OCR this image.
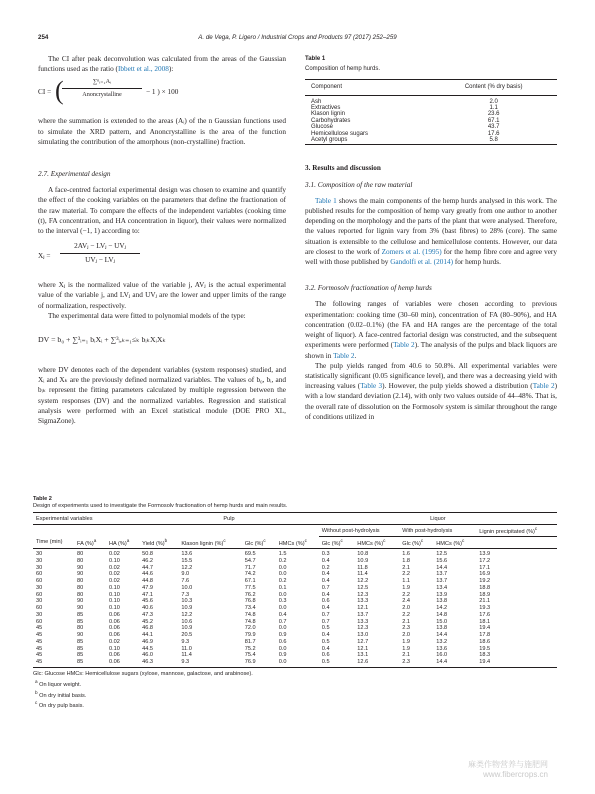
254	A. de Vega, P. Ligero / Industrial Crops and Products 97 (2017) 252–259

The CI after peak deconvolution was calculated from the areas of the Gaussian functions used as the ratio (Ibbett et al., 2008):

CI = (	∑ⁿᵢ₌₁Aᵢ
Anoncrystalline	− 1 ) × 100

where the summation is extended to the areas (Aᵢ) of the n Gaussian functions used to simulate the XRD pattern, and Anoncrystalline is the area of the function simulating the contribution of the amorphous (non-crystalline) fraction.

2.7. Experimental design

A face-centred factorial experimental design was chosen to examine and quantify the effect of the cooking variables on the parameters that define the fractionation of the raw material. To compare the effects of the independent variables (cooking time (t), FA concentration, and HA concentration in liquor), their values were normalized to the interval (−1, 1) according to:

Xⱼ =
2AVⱼ − LVⱼ − UVⱼ
UVⱼ − LVⱼ

where Xⱼ is the normalized value of the variable j, AVⱼ is the actual experimental value of the variable j, and LVⱼ and UVⱼ are the lower and upper limits of the range of normalization, respectively.

The experimental data were fitted to polynomial models of the type:

DV = b₀ + ∑³ᵢ₌₁ bᵢXᵢ + ∑³ᵢ,ₖ₌₁≤ₖ bᵢₖXᵢXₖ

where DV denotes each of the dependent variables (system responses) studied, and Xᵢ and Xₖ are the previously defined normalized variables. The values of b₀, bᵢ, and bᵢₖ represent the fitting parameters calculated by multiple regression between the system responses (DV) and the normalized variables. Regression and statistical analysis were performed with an Excel statistical module (DOE PRO XL, SigmaZone).

Table 1
Composition of hemp hurds.
Component	Content (% dry basis)
Ash	2.0
Extractives	1.1
Klason lignin	23.6
Carbohydrates	67.1
Glucose	43.7
Hemicellulose sugars	17.6
Acetyl groups	5.8
3. Results and discussion
3.1. Composition of the raw material

Table 1 shows the main components of the hemp hurds analysed in this work. The published results for the composition of hemp vary greatly from one author to another depending on the morphology and the parts of the plant that were analysed. Therefore, the values reported for lignin vary from 3% (bast fibres) to 28% (core). The same situation is extensible to the cellulose and hemicellulose contents. However, our data are closest to the work of Zomers et al. (1995) for the hemp fibre core and agree very well with those published by Gandolfi et al. (2014) for hemp hurds.

3.2. Formosolv fractionation of hemp hurds

The following ranges of variables were chosen according to previous experimentation: cooking time (30–60 min), concentration of FA (80–90%), and HA concentration (0.02–0.1%) (the FA and HA ranges are the percentage of the total weight of liquor). A face-centred factorial design was constructed, and the subsequent experiments were performed (Table 2). The analysis of the pulps and black liquors are shown in Table 2.

The pulp yields ranged from 40.6 to 50.8%. All experimental variables were statistically significant (0.05 significance level), and there was a decreasing yield with increasing values (Table 3). However, the pulp yields showed a distribution (Table 2) with a low standard deviation (2.14), with only two values outside of 44–48%. That is, the overall rate of dissolution on the Formosolv system is similar throughout the range of conditions utilized in

Table 2
Design of experiments used to investigate the Formosolv fractionation of hemp hurds and main results.
Experimental variables			Pulp				Liquor				
							Without post-hydrolysis		With post-hydrolysis		Lignin precipitated (%)$^c$
Time (min)	FA (%)$^a$	HA (%)$^a$	Yield (%)$^b$	Klason lignin (%)$^c$	Glc (%)$^c$	HMCs (%)$^c$	Glc (%)$^c$	HMCs (%)$^c$	Glc (%)$^c$	HMCs (%)$^c$	
30	80	0.02	50.8	13.6	69.5	1.5	0.3	10.8	1.6	12.5	13.9
30	80	0.10	46.2	15.5	54.7	0.2	0.4	10.9	1.8	15.6	17.2
30	90	0.02	44.7	12.2	71.7	0.0	0.2	11.8	2.1	14.4	17.1
60	90	0.02	44.6	9.0	74.2	0.0	0.4	11.4	2.2	13.7	16.9
60	80	0.02	44.8	7.6	67.1	0.2	0.4	12.2	1.1	13.7	19.2
30	80	0.10	47.9	10.0	77.5	0.1	0.7	12.5	1.9	13.4	18.8
60	80	0.10	47.1	7.3	76.2	0.0	0.4	12.3	2.2	13.9	18.9
30	90	0.10	45.6	10.3	76.8	0.3	0.6	13.3	2.4	13.8	21.1
60	90	0.10	40.6	10.9	73.4	0.0	0.4	12.1	2.0	14.2	19.3
30	85	0.06	47.3	12.2	74.8	0.4	0.7	13.7	2.2	14.8	17.6
60	85	0.06	45.2	10.6	74.8	0.7	0.7	13.3	2.1	15.0	18.1
45	80	0.06	46.8	10.9	72.0	0.0	0.5	12.3	2.3	13.8	19.4
45	90	0.06	44.1	20.5	79.9	0.9	0.4	13.0	2.0	14.4	17.8
45	85	0.02	46.9	9.3	81.7	0.6	0.5	12.7	1.9	13.2	18.6
45	85	0.10	44.5	11.0	75.2	0.0	0.4	12.1	1.9	13.6	19.5
45	85	0.06	46.0	11.4	75.4	0.9	0.6	13.1	2.1	16.0	18.3
45	85	0.06	46.3	9.3	76.9	0.0	0.5	12.6	2.3	14.4	19.4
Glc: Glucose HMCs: Hemicellulose sugars (xylose, mannose, galactose, and arabinose).
$^a$ On liquor weight.
$^b$ On dry initial basis.
$^c$ On dry pulp basis.
麻类作物营养与施肥网
www.fibercrops.cn
